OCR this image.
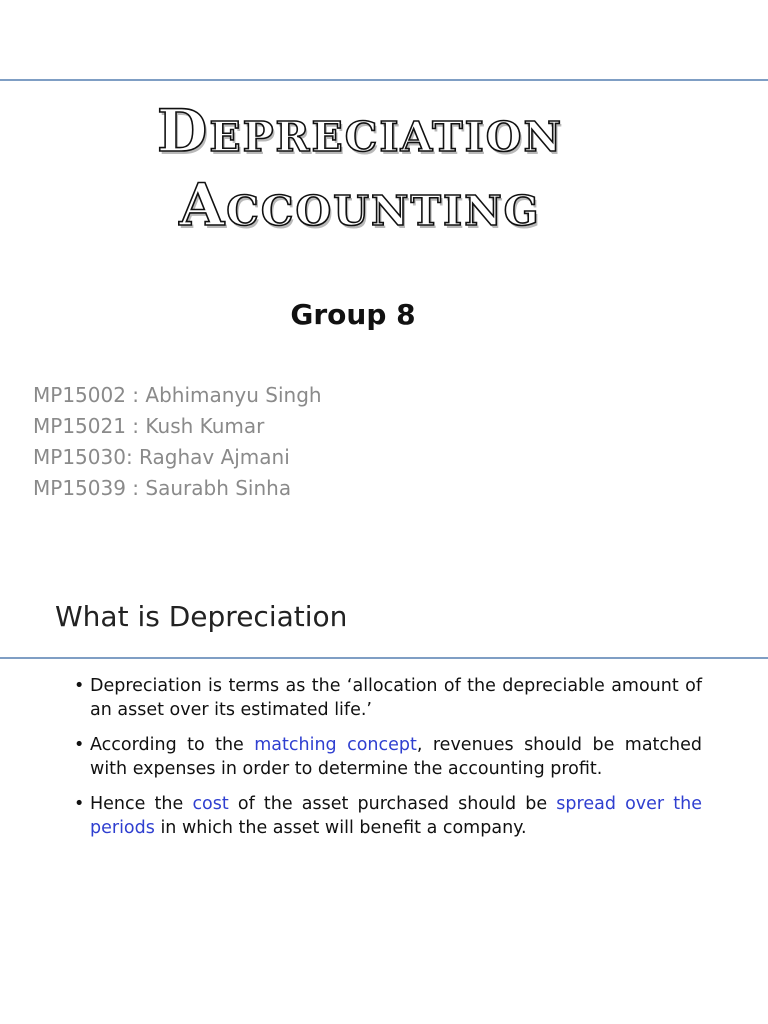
Depreciation
Accounting
Group 8
MP15002 : Abhimanyu Singh
MP15021 : Kush Kumar
MP15030: Raghav Ajmani
MP15039 : Saurabh Sinha
What is Depreciation
• Depreciation is terms as the ‘allocation of the depreciable amount of an asset over its estimated life.’
• According to the matching concept, revenues should be matched with expenses in order to determine the accounting profit.
• Hence the cost of the asset purchased should be spread over the periods in which the asset will benefit a company.
